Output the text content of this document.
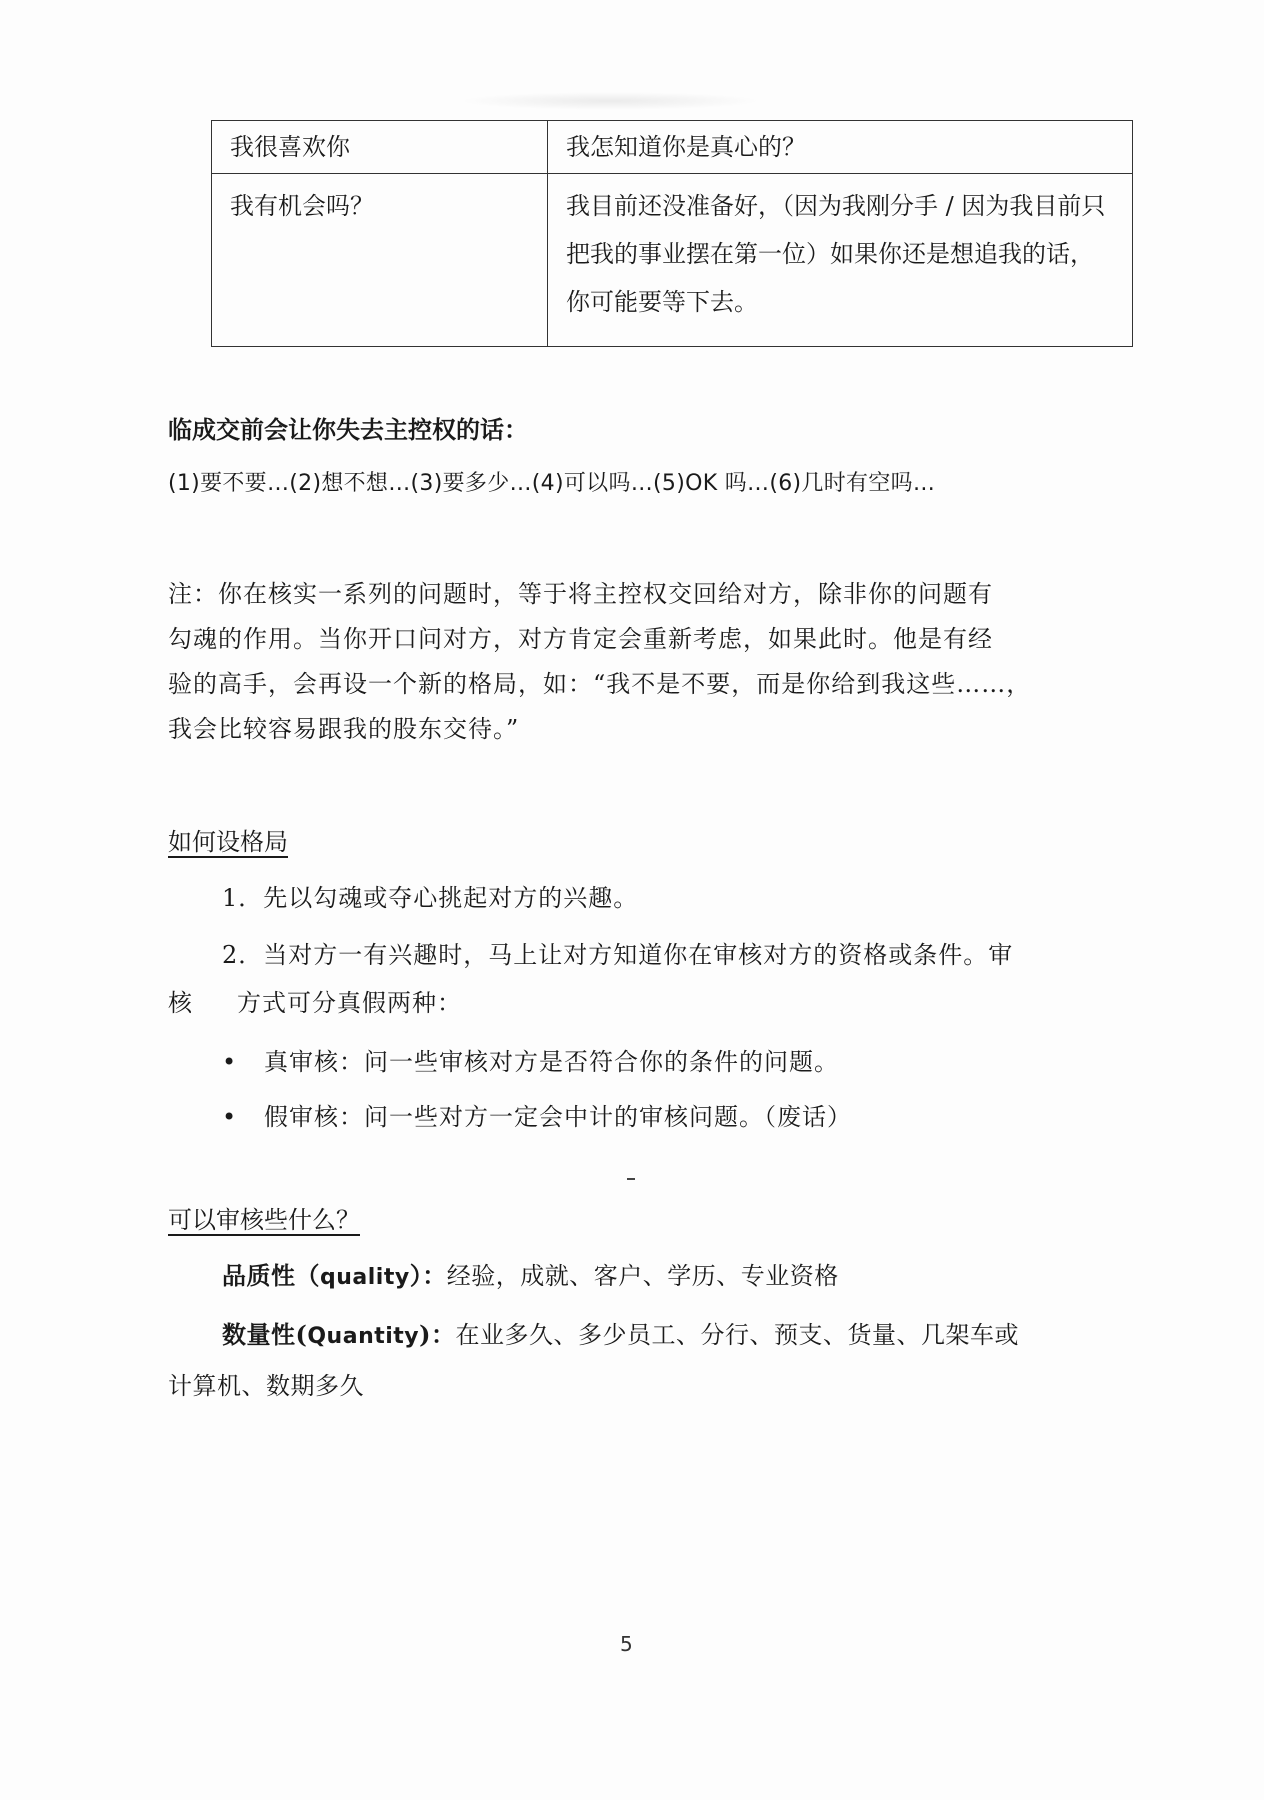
我很喜欢你	我怎知道你是真心的？
我有机会吗？	我目前还没准备好，（因为我刚分手 / 因为我目前只把我的事业摆在第一位）如果你还是想追我的话，你可能要等下去。
临成交前会让你失去主控权的话：
(1)要不要…(2)想不想…(3)要多少…(4)可以吗…(5)OK 吗…(6)几时有空吗…

注：你在核实一系列的问题时，等于将主控权交回给对方，除非你的问题有

勾魂的作用。当你开口问对方，对方肯定会重新考虑，如果此时。他是有经

验的高手，会再设一个新的格局，如：“我不是不要，而是你给到我这些……，

我会比较容易跟我的股东交待。”

如何设格局
1．先以勾魂或夺心挑起对方的兴趣。
2．当对方一有兴趣时，马上让对方知道你在审核对方的资格或条件。审
核 方式可分真假两种：
• 真审核：问一些审核对方是否符合你的条件的问题。
• 假审核：问一些对方一定会中计的审核问题。（废话）
可以审核些什么？
品质性（quality）：经验，成就、客户、学历、专业资格
数量性(Quantity)：在业多久、多少员工、分行、预支、货量、几架车或
计算机、数期多久
5
